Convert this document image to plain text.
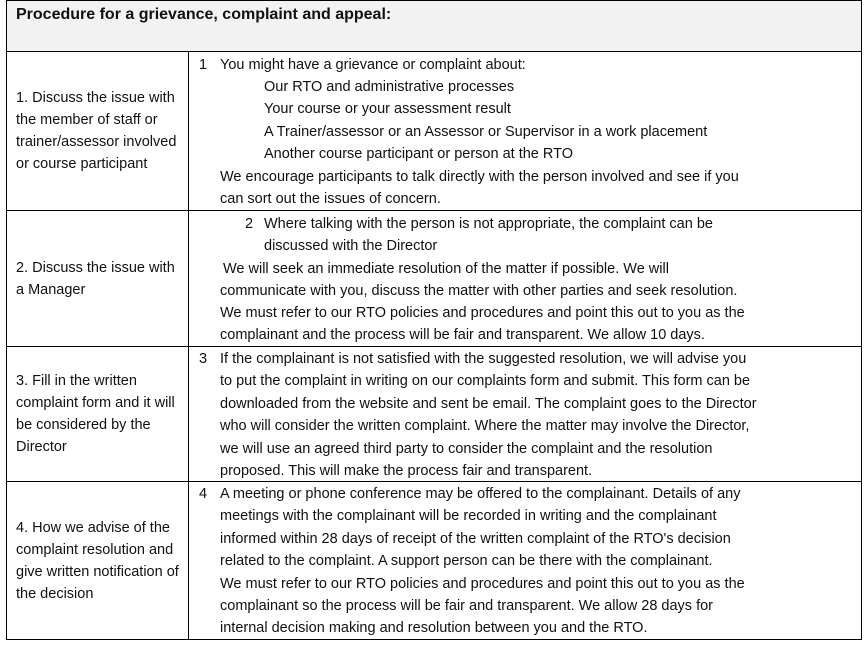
Procedure for a grievance, complaint and appeal:
1. Discuss the issue with the member of staff or trainer/assessor involved or course participant
1 You might have a grievance or complaint about:
Our RTO and administrative processes
Your course or your assessment result
A Trainer/assessor or an Assessor or Supervisor in a work placement
Another course participant or person at the RTO
We encourage participants to talk directly with the person involved and see if you
can sort out the issues of concern.
2. Discuss the issue with a Manager
2 Where talking with the person is not appropriate, the complaint can be
discussed with the Director
We will seek an immediate resolution of the matter if possible. We will
communicate with you, discuss the matter with other parties and seek resolution.
We must refer to our RTO policies and procedures and point this out to you as the
complainant and the process will be fair and transparent. We allow 10 days.
3. Fill in the written complaint form and it will be considered by the Director
3 If the complainant is not satisfied with the suggested resolution, we will advise you
to put the complaint in writing on our complaints form and submit. This form can be
downloaded from the website and sent be email. The complaint goes to the Director
who will consider the written complaint. Where the matter may involve the Director,
we will use an agreed third party to consider the complaint and the resolution
proposed. This will make the process fair and transparent.
4. How we advise of the complaint resolution and give written notification of the decision
4 A meeting or phone conference may be offered to the complainant. Details of any
meetings with the complainant will be recorded in writing and the complainant
informed within 28 days of receipt of the written complaint of the RTO's decision
related to the complaint. A support person can be there with the complainant.
We must refer to our RTO policies and procedures and point this out to you as the
complainant so the process will be fair and transparent. We allow 28 days for
internal decision making and resolution between you and the RTO.
